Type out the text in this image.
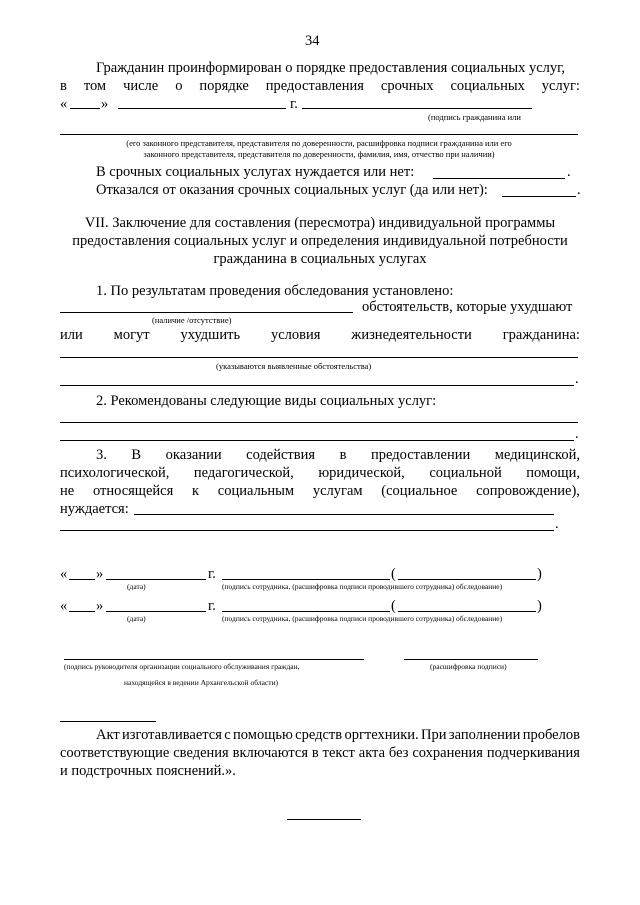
34
Гражданин проинформирован о порядке предоставления социальных услуг,
в том числе о порядке предоставления срочных социальных услуг:
« »	г.
(подпись гражданина или
(его законного представителя, представителя по доверенности, расшифровка подписи гражданина или его
законного представителя, представителя по доверенности, фамилия, имя, отчество при наличии)
В срочных социальных услугах нуждается или нет:	.
Отказался от оказания срочных социальных услуг (да или нет):	.
VII. Заключение для составления (пересмотра) индивидуальной программы
предоставления социальных услуг и определения индивидуальной потребности
гражданина в социальных услугах
1. По результатам проведения обследования установлено:
обстоятельств, которые ухудшают
(наличие /отсутствие)
или могут ухудшить условия жизнедеятельности гражданина:
(указываются выявленные обстоятельства)
.
2. Рекомендованы следующие виды социальных услуг:
.
3. В оказании содействия в предоставлении медицинской,
психологической, педагогической, юридической, социальной помощи,
не относящейся к социальным услугам (социальное сопровождение),
нуждается:
.
« »	г.	(	)
(дата)	(подпись сотрудника, (расшифровка подписи проводившего сотрудника) обследование)
« »	г.	(	)
(дата)	(подпись сотрудника, (расшифровка подписи проводившего сотрудника) обследование)
(подпись руководителя организации социального обслуживания граждан,	(расшифровка подписи)
находящейся в ведении Архангельской области)
Акт изготавливается с помощью средств оргтехники. При заполнении пробелов
соответствующие сведения включаются в текст акта без сохранения подчеркивания
и подстрочных пояснений.».
